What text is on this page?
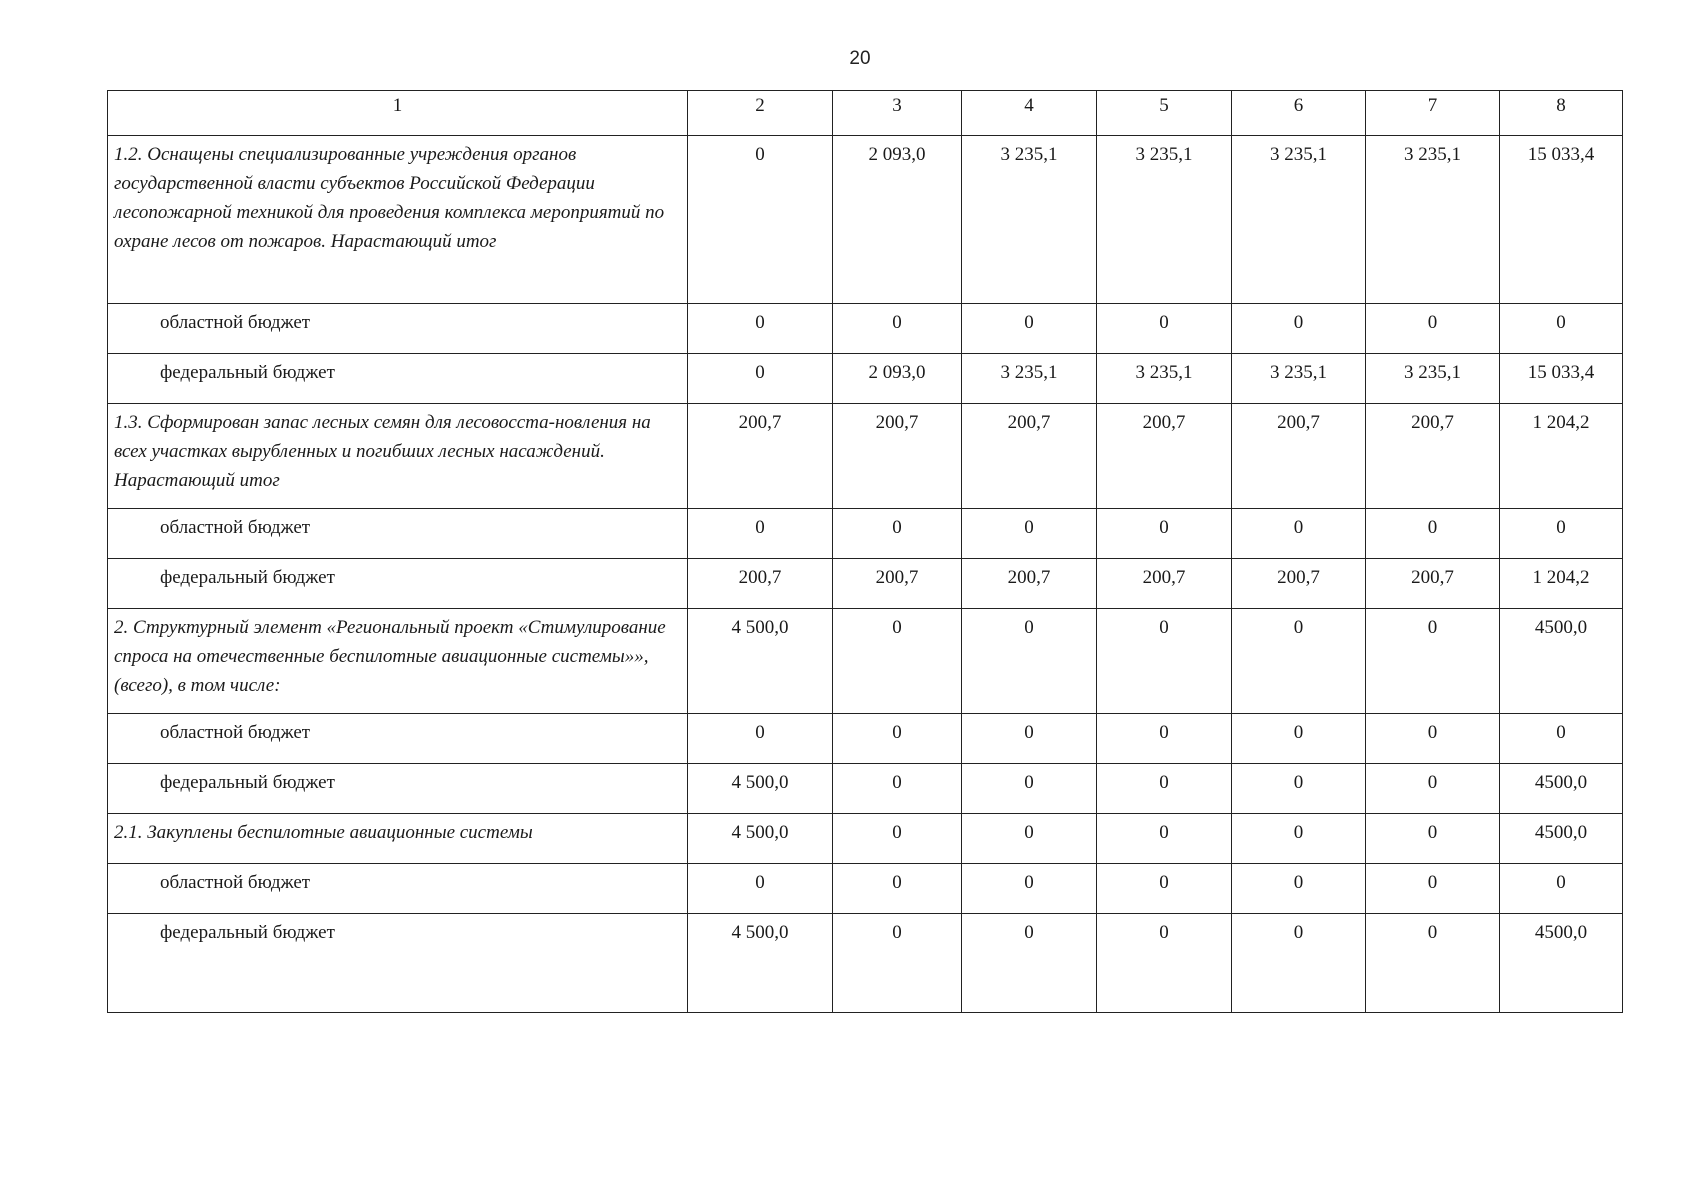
20
1	2	3	4	5	6	7	8
1.2. Оснащены специализированные учреждения органов государственной власти субъектов Российской Федерации лесопожарной техникой для проведения комплекса мероприятий по охране лесов от пожаров. Нарастающий итог	0	2 093,0	3 235,1	3 235,1	3 235,1	3 235,1	15 033,4
областной бюджет	0	0	0	0	0	0	0
федеральный бюджет	0	2 093,0	3 235,1	3 235,1	3 235,1	3 235,1	15 033,4
1.3. Сформирован запас лесных семян для лесовосста-новления на всех участках вырубленных и погибших лесных насаждений. Нарастающий итог	200,7	200,7	200,7	200,7	200,7	200,7	1 204,2
областной бюджет	0	0	0	0	0	0	0
федеральный бюджет	200,7	200,7	200,7	200,7	200,7	200,7	1 204,2
2. Структурный элемент «Региональный проект «Стимулирование спроса на отечественные беспилотные авиационные системы»», (всего), в том числе:	4 500,0	0	0	0	0	0	4500,0
областной бюджет	0	0	0	0	0	0	0
федеральный бюджет	4 500,0	0	0	0	0	0	4500,0
2.1. Закуплены беспилотные авиационные системы	4 500,0	0	0	0	0	0	4500,0
областной бюджет	0	0	0	0	0	0	0
федеральный бюджет	4 500,0	0	0	0	0	0	4500,0
